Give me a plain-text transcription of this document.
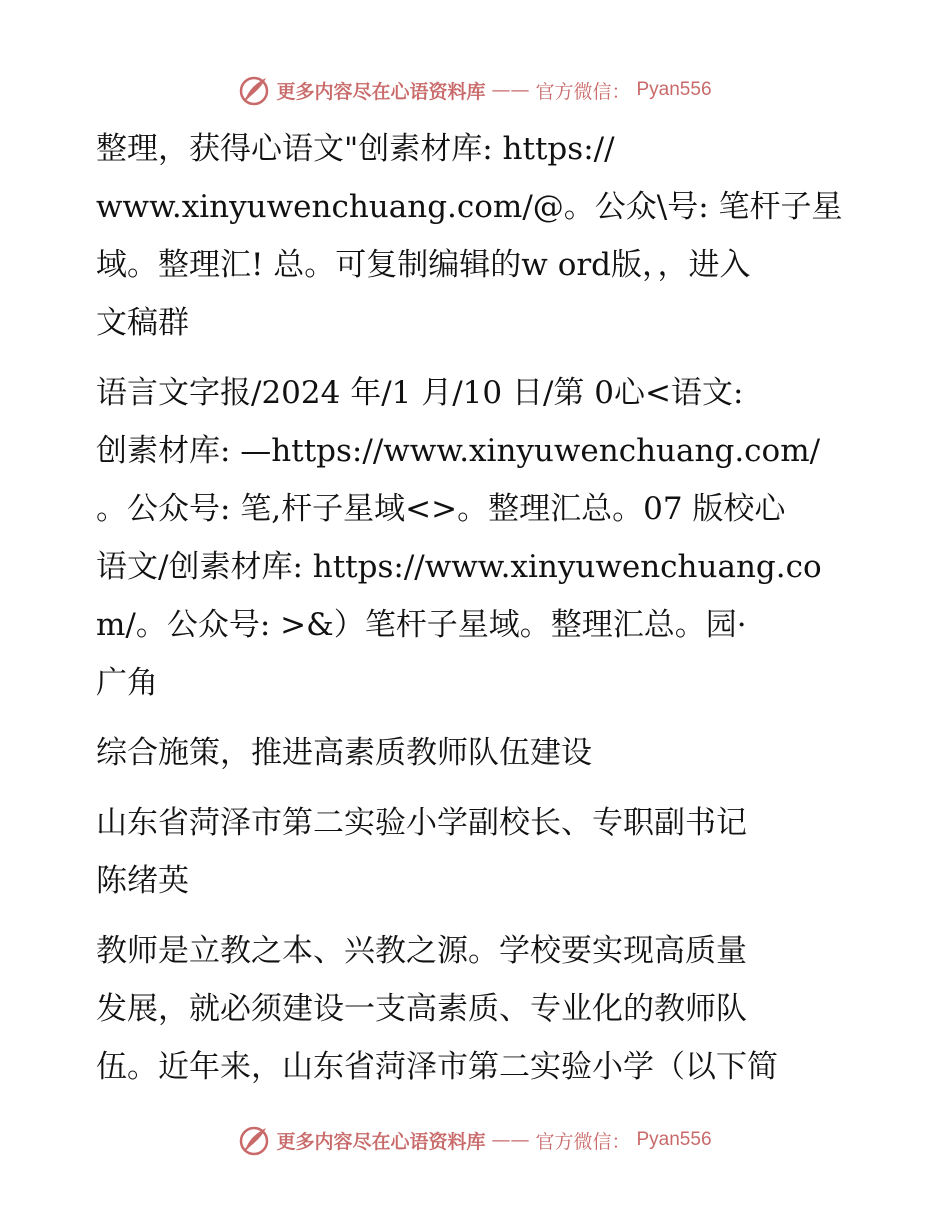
更多内容尽在心语资料库 —— 官方微信： Pyan556
整理，获得心语文"创素材库: https://
www.xinyuwenchuang.com/@。公众\号: 笔杆子星
域。整理汇! 总。可复制编辑的w ord版，，进入
文稿群
语言文字报/2024 年/1 月/10 日/第 0心<语文:
创素材库: —https://www.xinyuwenchuang.com/
。公众号: 笔,杆子星域<>。整理汇总。07 版校心
语文/创素材库: https://www.xinyuwenchuang.co
m/。公众号: >&）笔杆子星域。整理汇总。园·
广角
综合施策，推进高素质教师队伍建设
山东省菏泽市第二实验小学副校长、专职副书记
陈绪英
教师是立教之本、兴教之源。学校要实现高质量
发展，就必须建设一支高素质、专业化的教师队
伍。近年来，山东省菏泽市第二实验小学（以下简
更多内容尽在心语资料库 —— 官方微信： Pyan556
